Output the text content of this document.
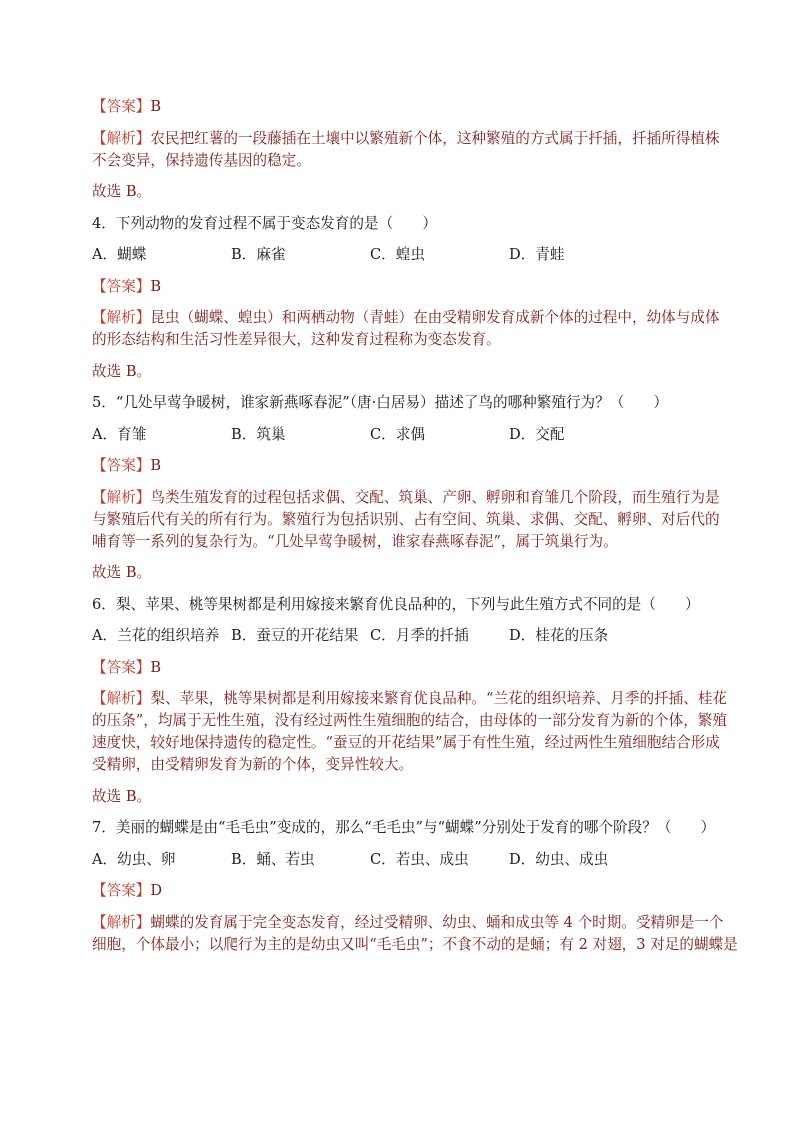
【答案】B
【解析】农民把红薯的一段藤插在土壤中以繁殖新个体，这种繁殖的方式属于扦插，扦插所得植株
不会变异，保持遗传基因的稳定。
故选 B。
4．下列动物的发育过程不属于变态发育的是（　　）
A．蝴蝶	B．麻雀	C．蝗虫	D．青蛙
【答案】B
【解析】昆虫（蝴蝶、蝗虫）和两栖动物（青蛙）在由受精卵发育成新个体的过程中，幼体与成体
的形态结构和生活习性差异很大，这种发育过程称为变态发育。
故选 B。
5．“几处早莺争暖树，谁家新燕啄春泥”（唐·白居易）描述了鸟的哪种繁殖行为？（　　）
A．育雏	B．筑巢	C．求偶	D．交配
【答案】B
【解析】鸟类生殖发育的过程包括求偶、交配、筑巢、产卵、孵卵和育雏几个阶段，而生殖行为是
与繁殖后代有关的所有行为。繁殖行为包括识别、占有空间、筑巢、求偶、交配、孵卵、对后代的
哺育等一系列的复杂行为。“几处早莺争暖树，谁家春燕啄春泥”，属于筑巢行为。
故选 B。
6．梨、苹果、桃等果树都是利用嫁接来繁育优良品种的，下列与此生殖方式不同的是（　　）
A．兰花的组织培养 B．蚕豆的开花结果 C．月季的扦插	D．桂花的压条
【答案】B
【解析】梨、苹果，桃等果树都是利用嫁接来繁育优良品种。“兰花的组织培养、月季的扦插、桂花
的压条”，均属于无性生殖，没有经过两性生殖细胞的结合，由母体的一部分发育为新的个体，繁殖
速度快，较好地保持遗传的稳定性。“蚕豆的开花结果”属于有性生殖，经过两性生殖细胞结合形成
受精卵，由受精卵发育为新的个体，变异性较大。
故选 B。
7．美丽的蝴蝶是由“毛毛虫”变成的，那么“毛毛虫”与“蝴蝶”分别处于发育的哪个阶段？（　　）
A．幼虫、卵	B．蛹、若虫	C．若虫、成虫	D．幼虫、成虫
【答案】D
【解析】蝴蝶的发育属于完全变态发育，经过受精卵、幼虫、蛹和成虫等 4 个时期。受精卵是一个
细胞，个体最小；以爬行为主的是幼虫又叫“毛毛虫”；不食不动的是蛹；有 2 对翅，3 对足的蝴蝶是
